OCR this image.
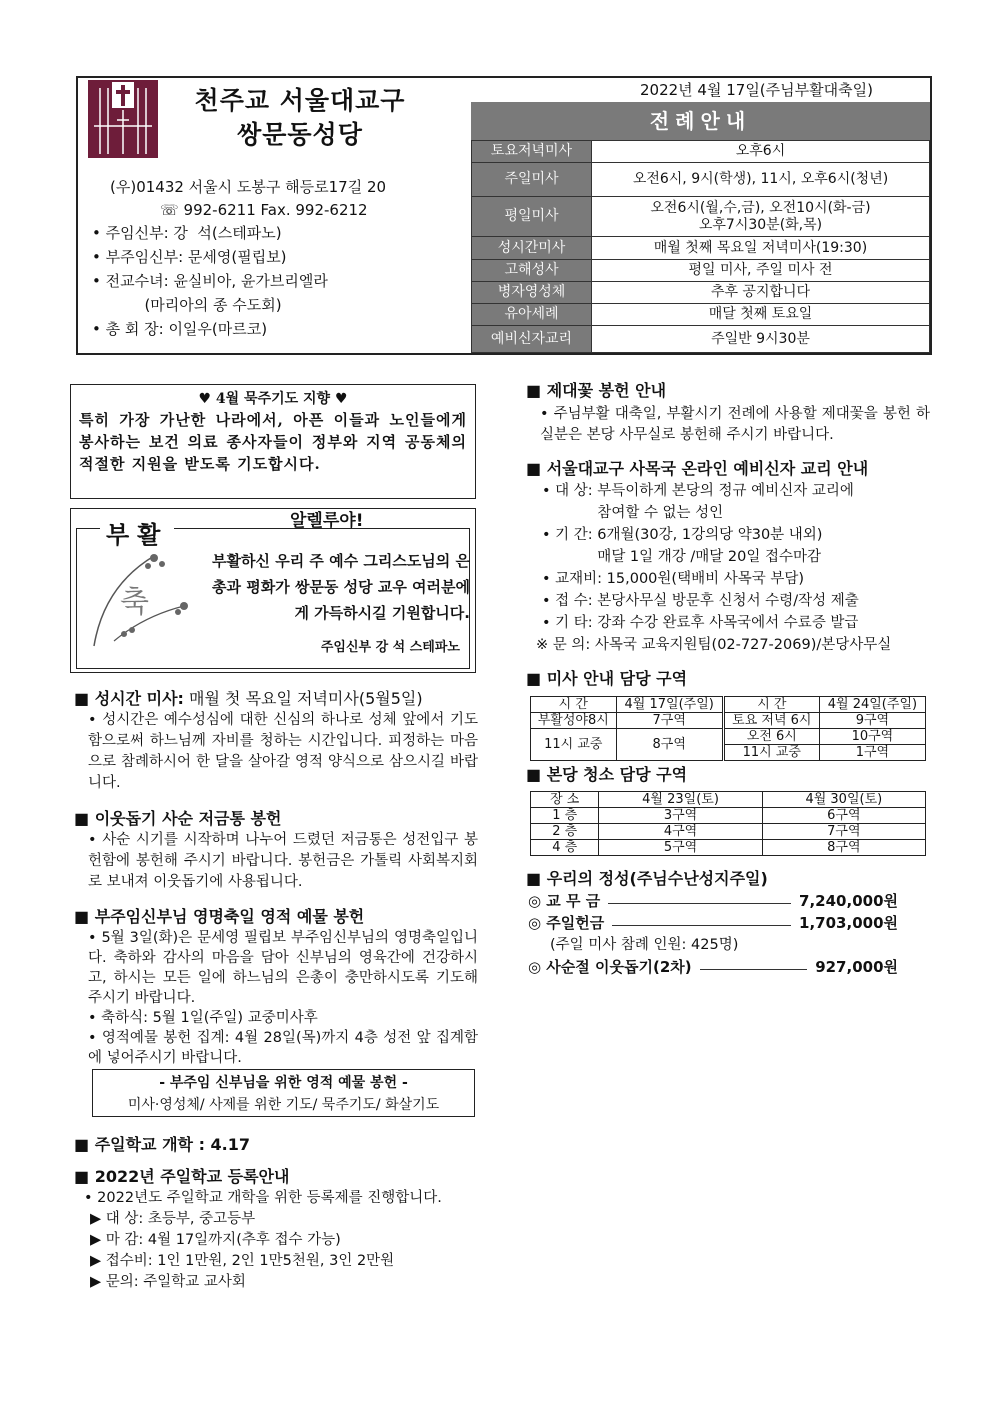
천주교 서울대교구
쌍문동성당
(우)01432 서울시 도봉구 해등로17길 20
☏ 992-6211 Fax. 992-6212
• 주임신부: 강  석(스테파노)
• 부주임신부: 문세영(필립보)
• 전교수녀: 윤실비아, 윤가브리엘라
(마리아의 종 수도회)
• 총 회 장: 이일우(마르코)
2022년 4월 17일(주님부활대축일)
전례안내
토요저녁미사	오후6시
주일미사	오전6시, 9시(학생), 11시, 오후6시(청년)
평일미사	오전6시(월,수,금), 오전10시(화-금)
오후7시30분(화,목)

성시간미사	매월 첫째 목요일 저녁미사(19:30)
고해성사	평일 미사, 주일 미사 전
병자영성체	추후 공지합니다
유아세례	매달 첫째 토요일
예비신자교리	주일반 9시30분
♥ 4월 묵주기도 지향 ♥
특히 가장 가난한 나라에서, 아픈 이들과 노인들에게 봉사하는 보건 의료 종사자들이 정부와 지역 공동체의 적절한 지원을 받도록 기도합시다.
부활	알렐루야!
축
부활하신 우리 주 예수 그리스도님의 은총과 평화가 쌍문동 성당 교우 여러분에게 가득하시길 기원합니다.
주임신부 강 석 스테파노
■ 성시간 미사: 매월 첫 목요일 저녁미사(5월5일)
• 성시간은 예수성심에 대한 신심의 하나로 성체 앞에서 기도함으로써 하느님께 자비를 청하는 시간입니다. 피정하는 마음으로 참례하시어 한 달을 살아갈 영적 양식으로 삼으시길 바랍니다.
■ 이웃돕기 사순 저금통 봉헌
• 사순 시기를 시작하며 나누어 드렸던 저금통은 성전입구 봉헌함에 봉헌해 주시기 바랍니다. 봉헌금은 가톨릭 사회복지회로 보내져 이웃돕기에 사용됩니다.
■ 부주임신부님 영명축일 영적 예물 봉헌
• 5월 3일(화)은 문세영 필립보 부주임신부님의 영명축일입니다. 축하와 감사의 마음을 담아 신부님의 영육간에 건강하시고, 하시는 모든 일에 하느님의 은총이 충만하시도록 기도해 주시기 바랍니다.
• 축하식: 5월 1일(주일) 교중미사후
• 영적예물 봉헌 집계: 4월 28일(목)까지 4층 성전 앞 집계함에 넣어주시기 바랍니다.
- 부주임 신부님을 위한 영적 예물 봉헌 -
미사·영성체/ 사제를 위한 기도/ 묵주기도/ 화살기도
■ 주일학교 개학 : 4.17
■ 2022년 주일학교 등록안내
• 2022년도 주일학교 개학을 위한 등록제를 진행합니다.
▶ 대 상: 초등부, 중고등부
▶ 마 감: 4월 17일까지(추후 접수 가능)
▶ 접수비: 1인 1만원, 2인 1만5천원, 3인 2만원
▶ 문의: 주일학교 교사회
■ 제대꽃 봉헌 안내
• 주님부활 대축일, 부활시기 전례에 사용할 제대꽃을 봉헌 하실분은 본당 사무실로 봉헌해 주시기 바랍니다.
■ 서울대교구 사목국 온라인 예비신자 교리 안내
• 대 상: 부득이하게 본당의 정규 예비신자 교리에
참여할 수 없는 성인
• 기 간: 6개월(30강, 1강의당 약30분 내외)
매달 1일 개강 /매달 20일 접수마감
• 교재비: 15,000원(택배비 사목국 부담)
• 접 수: 본당사무실 방문후 신청서 수령/작성 제출
• 기 타: 강좌 수강 완료후 사목국에서 수료증 발급
※ 문 의: 사목국 교육지원팀(02-727-2069)/본당사무실
■ 미사 안내 담당 구역
시 간	4월 17일(주일)	시 간	4월 24일(주일)
부활성야8시	7구역	토요 저녁 6시	9구역
11시 교중	8구역	오전 6시	10구역
		11시 교중	1구역
■ 본당 청소 담당 구역
장 소	4월 23일(토)	4월 30일(토)
1 층	3구역	6구역
2 층	4구역	7구역
4 층	5구역	8구역
■ 우리의 정성(주님수난성지주일)
◎ 교 무 금	7,240,000원
◎ 주일헌금	1,703,000원
(주일 미사 참례 인원: 425명)
◎ 사순절 이웃돕기(2차)	927,000원
